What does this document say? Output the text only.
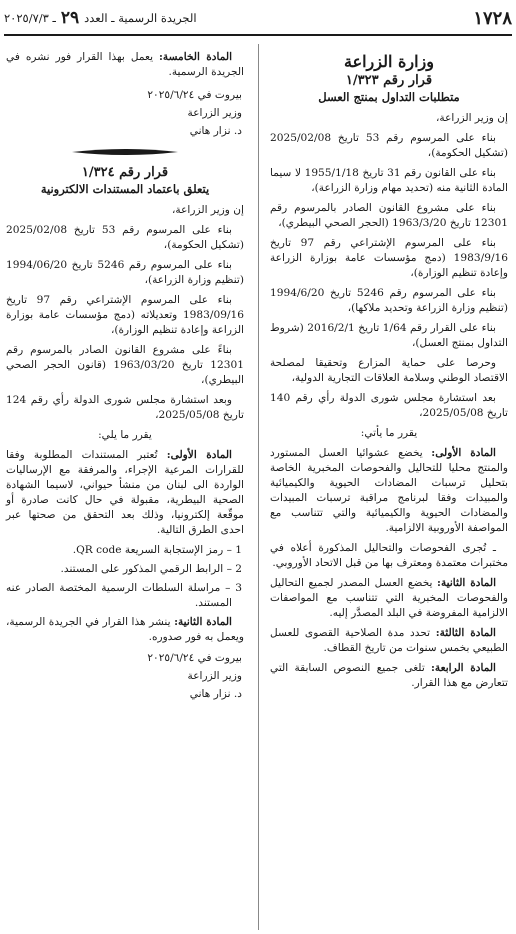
١٧٢٨
الجريدة الرسمية ـ العدد
٢٩
ـ ٢٠٢٥/٧/٣
وزارة الزراعة
قرار رقم ١/٣٢٣
متطلبات التداول بمنتج العسل

إن وزير الزراعة،

بناء على المرسوم رقم 53 تاريخ 2025/02/08 (تشكيل الحكومة)،

بناء على القانون رقم 31 تاريخ 1955/1/18 لا سيما المادة الثانية منه (تحديد مهام وزارة الزراعة)،

بناء على مشروع القانون الصادر بالمرسوم رقم 12301 تاريخ 1963/3/20 (الحجر الصحي البيطري)،

بناء على المرسوم الإشتراعي رقم 97 تاريخ 1983/9/16 (دمج مؤسسات عامة بوزارة الزراعة وإعادة تنظيم الوزارة)،

بناء على المرسوم رقم 5246 تاريخ 1994/6/20 (تنظيم وزارة الزراعة وتحديد ملاكها)،

بناء على القرار رقم 1/64 تاريخ 2016/2/1 (شروط التداول بمنتج العسل)،

وحرصا على حماية المزارع وتحقيقا لمصلحة الاقتصاد الوطني وسلامة العلاقات التجارية الدولية،

بعد استشارة مجلس شورى الدولة رأي رقم 140 تاريخ 2025/05/08،

يقرر ما يأتي:

المادة الأولى: يخضع عشوائيا العسل المستورد والمنتج محليا للتحاليل والفحوصات المخبرية الخاصة بتحليل ترسبات المضادات الحيوية والكيميائية والمبيدات وفقا لبرنامج مراقبة ترسبات المبيدات والمضادات الحيوية والكيميائية والتي تتناسب مع المواصفة الأوروبية الالزامية.

ـ تُجرى الفحوصات والتحاليل المذكورة أعلاه في مختبرات معتمدة ومعترف بها من قبل الاتحاد الأوروبي.

المادة الثانية: يخضع العسل المصدر لجميع التحاليل والفحوصات المخبرية التي تتناسب مع المواصفات الالزامية المفروضة في البلد المصدَّر إليه.

المادة الثالثة: تحدد مدة الصلاحية القصوى للعسل الطبيعي بخمس سنوات من تاريخ القطاف.

المادة الرابعة: تلغى جميع النصوص السابقة التي تتعارض مع هذا القرار.

المادة الخامسة: يعمل بهذا القرار فور نشره في الجريدة الرسمية.

بيروت في ٢٠٢٥/٦/٢٤

وزير الزراعة

د. نزار هاني

قرار رقم ١/٣٢٤
يتعلق باعتماد المستندات الالكترونية

إن وزير الزراعة،

بناء على المرسوم رقم 53 تاريخ 2025/02/08 (تشكيل الحكومة)،

بناء على المرسوم رقم 5246 تاريخ 1994/06/20 (تنظيم وزارة الزراعة)،

بناء على المرسوم الإشتراعي رقم 97 تاريخ 1983/09/16 وتعديلاته (دمج مؤسسات عامة بوزارة الزراعة وإعادة تنظيم الوزارة)،

بناءً على مشروع القانون الصادر بالمرسوم رقم 12301 تاريخ 1963/03/20 (قانون الحجر الصحي البيطري)،

وبعد استشارة مجلس شورى الدولة رأي رقم 124 تاريخ 2025/05/08،

يقرر ما يلي:

المادة الأولى: تُعتبر المستندات المطلوبة وفقا للقرارات المرعية الإجراء، والمرفقة مع الإرساليات الواردة الى لبنان من منشأ حيواني، لاسيما الشهادة الصحية البيطرية، مقبولة في حال كانت صادرة أو موقّعة إلكترونيا، وذلك بعد التحقق من صحتها عبر احدى الطرق التالية.

1 – رمز الإستجابة السريعة QR code.

2 – الرابط الرقمي المذكور على المستند.

3 – مراسلة السلطات الرسمية المختصة الصادر عنه المستند.

المادة الثانية: ينشر هذا القرار في الجريدة الرسمية، ويعمل به فور صدوره.

بيروت في ٢٠٢٥/٦/٢٤

وزير الزراعة

د. نزار هاني
